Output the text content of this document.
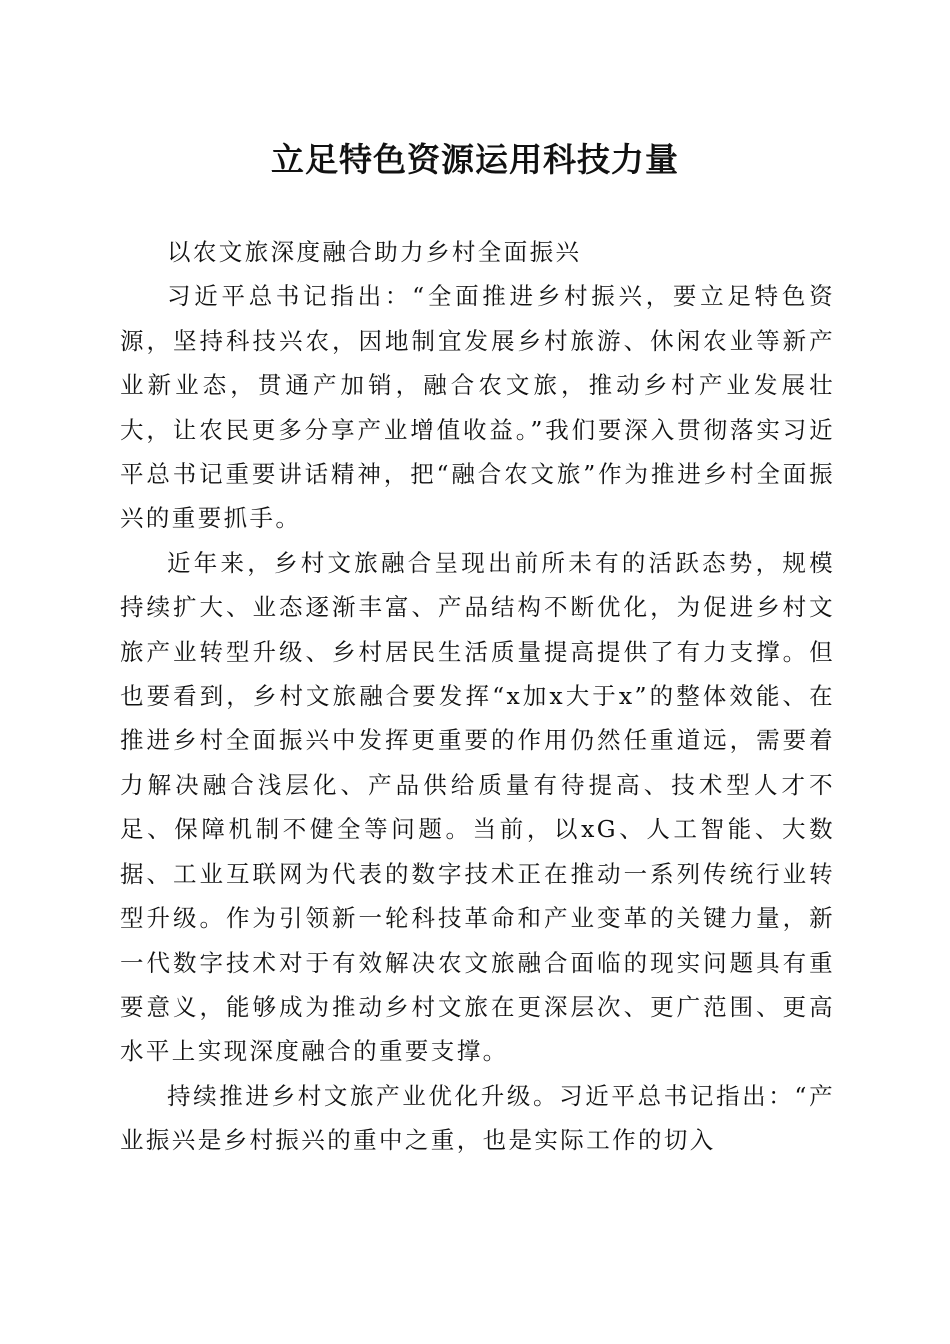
立足特色资源运用科技力量

以农文旅深度融合助力乡村全面振兴

习近平总书记指出：“全面推进乡村振兴，要立足特色资源，坚持科技兴农，因地制宜发展乡村旅游、休闲农业等新产业新业态，贯通产加销，融合农文旅，推动乡村产业发展壮大，让农民更多分享产业增值收益。”我们要深入贯彻落实习近平总书记重要讲话精神，把“融合农文旅”作为推进乡村全面振兴的重要抓手。

近年来，乡村文旅融合呈现出前所未有的活跃态势，规模持续扩大、业态逐渐丰富、产品结构不断优化，为促进乡村文旅产业转型升级、乡村居民生活质量提高提供了有力支撑。但也要看到，乡村文旅融合要发挥“x加x大于x”的整体效能、在推进乡村全面振兴中发挥更重要的作用仍然任重道远，需要着力解决融合浅层化、产品供给质量有待提高、技术型人才不足、保障机制不健全等问题。当前，以xG、人工智能、大数据、工业互联网为代表的数字技术正在推动一系列传统行业转型升级。作为引领新一轮科技革命和产业变革的关键力量，新一代数字技术对于有效解决农文旅融合面临的现实问题具有重要意义，能够成为推动乡村文旅在更深层次、更广范围、更高水平上实现深度融合的重要支撑。

持续推进乡村文旅产业优化升级。习近平总书记指出：“产业振兴是乡村振兴的重中之重，也是实际工作的切入
